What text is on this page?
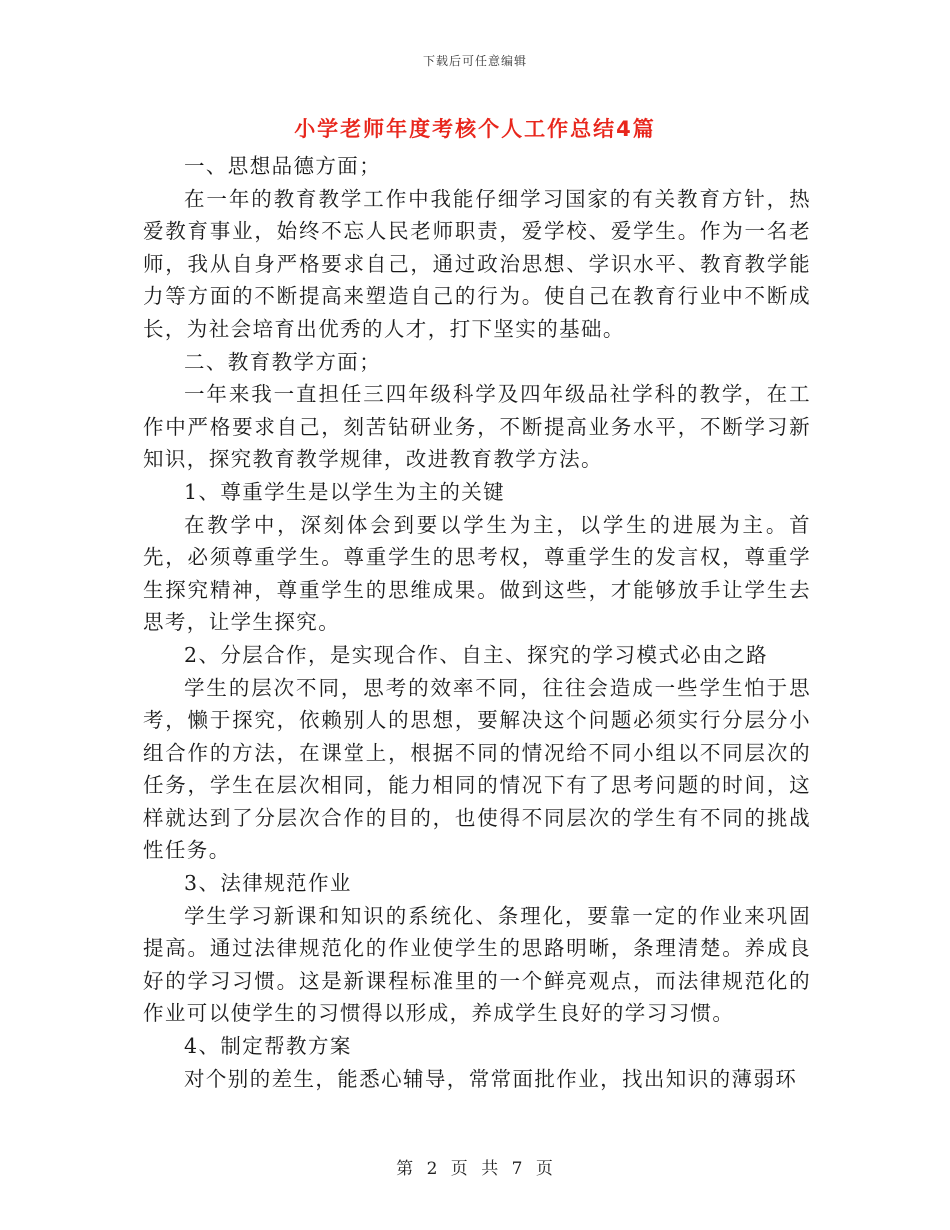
下载后可任意编辑
小学老师年度考核个人工作总结4篇

一、思想品德方面；

在一年的教育教学工作中我能仔细学习国家的有关教育方针，热爱教育事业，始终不忘人民老师职责，爱学校、爱学生。作为一名老师，我从自身严格要求自己，通过政治思想、学识水平、教育教学能力等方面的不断提高来塑造自己的行为。使自己在教育行业中不断成长，为社会培育出优秀的人才，打下坚实的基础。

二、教育教学方面；

一年来我一直担任三四年级科学及四年级品社学科的教学，在工作中严格要求自己，刻苦钻研业务，不断提高业务水平，不断学习新知识，探究教育教学规律，改进教育教学方法。

1、尊重学生是以学生为主的关键

在教学中，深刻体会到要以学生为主，以学生的进展为主。首先，必须尊重学生。尊重学生的思考权，尊重学生的发言权，尊重学生探究精神，尊重学生的思维成果。做到这些，才能够放手让学生去思考，让学生探究。

2、分层合作，是实现合作、自主、探究的学习模式必由之路

学生的层次不同，思考的效率不同，往往会造成一些学生怕于思考，懒于探究，依赖别人的思想，要解决这个问题必须实行分层分小组合作的方法，在课堂上，根据不同的情况给不同小组以不同层次的任务，学生在层次相同，能力相同的情况下有了思考问题的时间，这样就达到了分层次合作的目的，也使得不同层次的学生有不同的挑战性任务。

3、法律规范作业

学生学习新课和知识的系统化、条理化，要靠一定的作业来巩固提高。通过法律规范化的作业使学生的思路明晰，条理清楚。养成良好的学习习惯。这是新课程标准里的一个鲜亮观点，而法律规范化的作业可以使学生的习惯得以形成，养成学生良好的学习习惯。

4、制定帮教方案

对个别的差生，能悉心辅导，常常面批作业，找出知识的薄弱环

第 2 页 共 7 页
